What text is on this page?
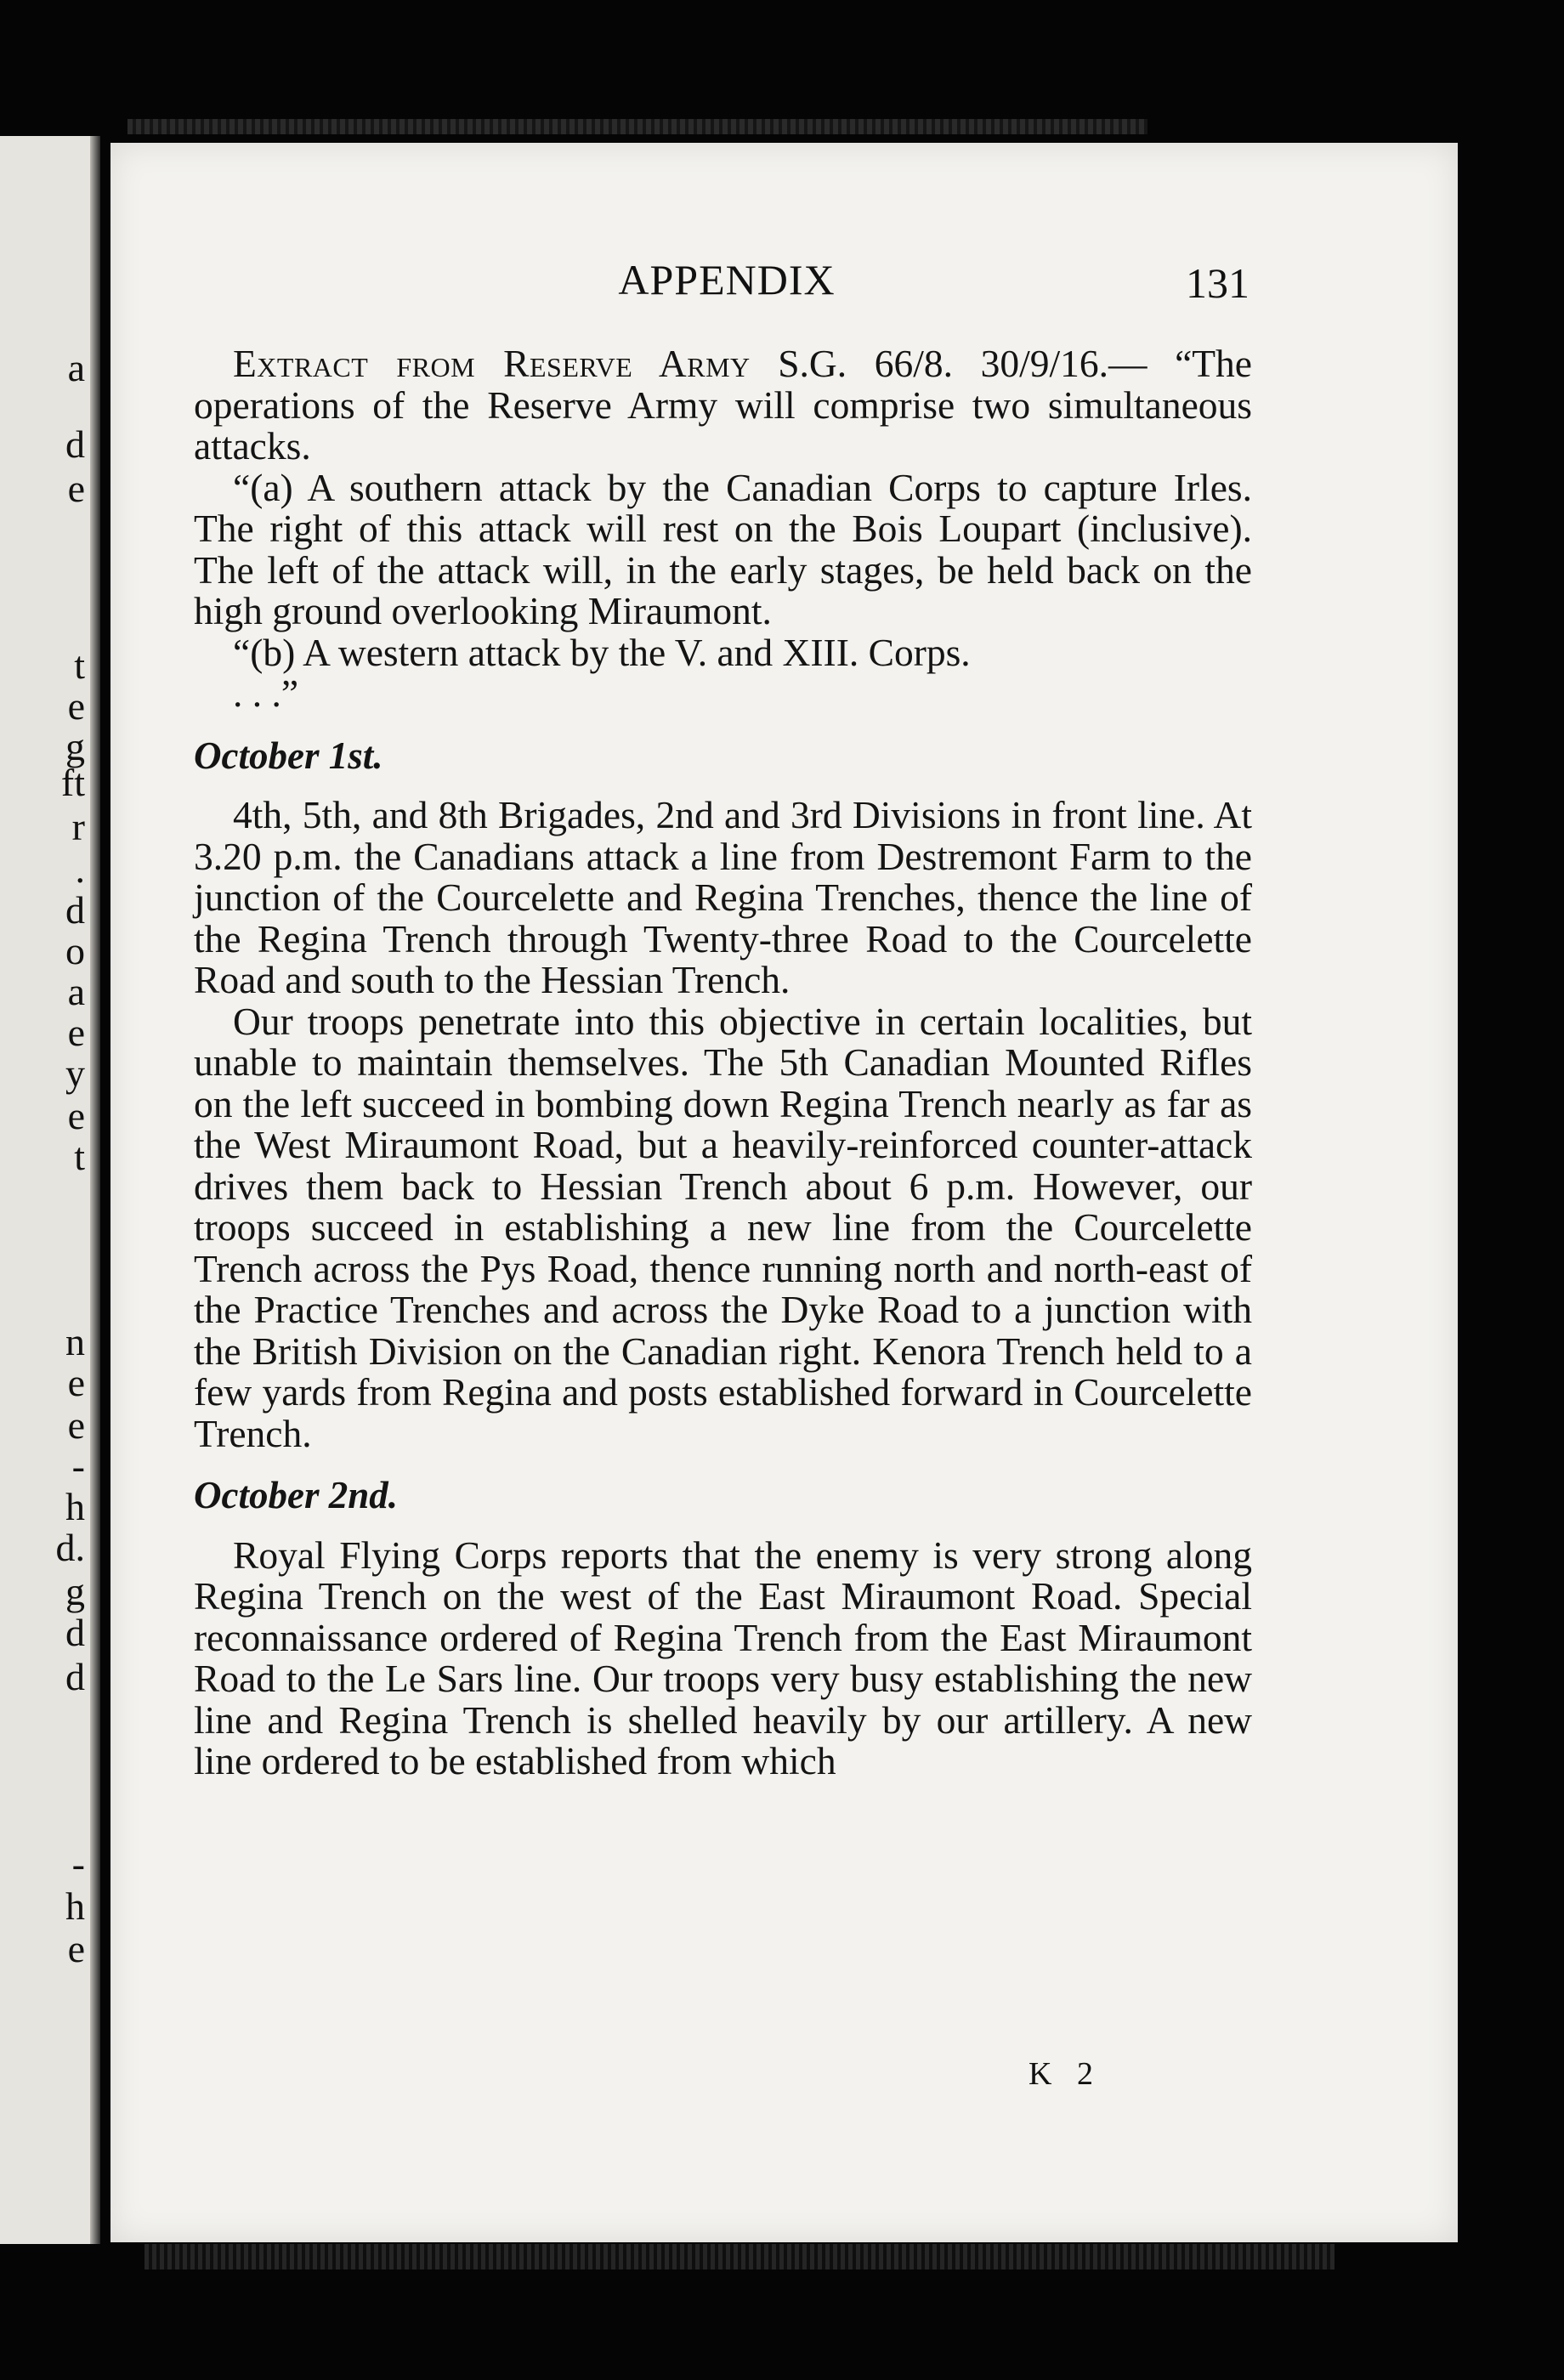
a
d
e
t
e
g
ft
r
.
d
o
a
e
y
e
t
n
e
e
-
h
d.
g
d
d
-
h
e
APPENDIX	131

Extract from Reserve Army S.G. 66/8. 30/9/16.— “The operations of the Reserve Army will comprise two simultaneous attacks.

“(a) A southern attack by the Canadian Corps to capture Irles. The right of this attack will rest on the Bois Loupart (inclusive). The left of the attack will, in the early stages, be held back on the high ground overlooking Miraumont.

“(b) A western attack by the V. and XIII. Corps.
. . .”

October 1st.

4th, 5th, and 8th Brigades, 2nd and 3rd Divisions in front line. At 3.20 p.m. the Canadians attack a line from Destremont Farm to the junction of the Courcelette and Regina Trenches, thence the line of the Regina Trench through Twenty-three Road to the Courcelette Road and south to the Hessian Trench.

Our troops penetrate into this objective in certain localities, but unable to maintain themselves. The 5th Canadian Mounted Rifles on the left succeed in bombing down Regina Trench nearly as far as the West Miraumont Road, but a heavily-reinforced counter-attack drives them back to Hessian Trench about 6 p.m. However, our troops succeed in establishing a new line from the Courcelette Trench across the Pys Road, thence running north and north-east of the Practice Trenches and across the Dyke Road to a junction with the British Division on the Canadian right. Kenora Trench held to a few yards from Regina and posts established forward in Courcelette Trench.

October 2nd.

Royal Flying Corps reports that the enemy is very strong along Regina Trench on the west of the East Miraumont Road. Special reconnaissance ordered of Regina Trench from the East Miraumont Road to the Le Sars line. Our troops very busy establishing the new line and Regina Trench is shelled heavily by our artillery. A new line ordered to be established from which

K 2
